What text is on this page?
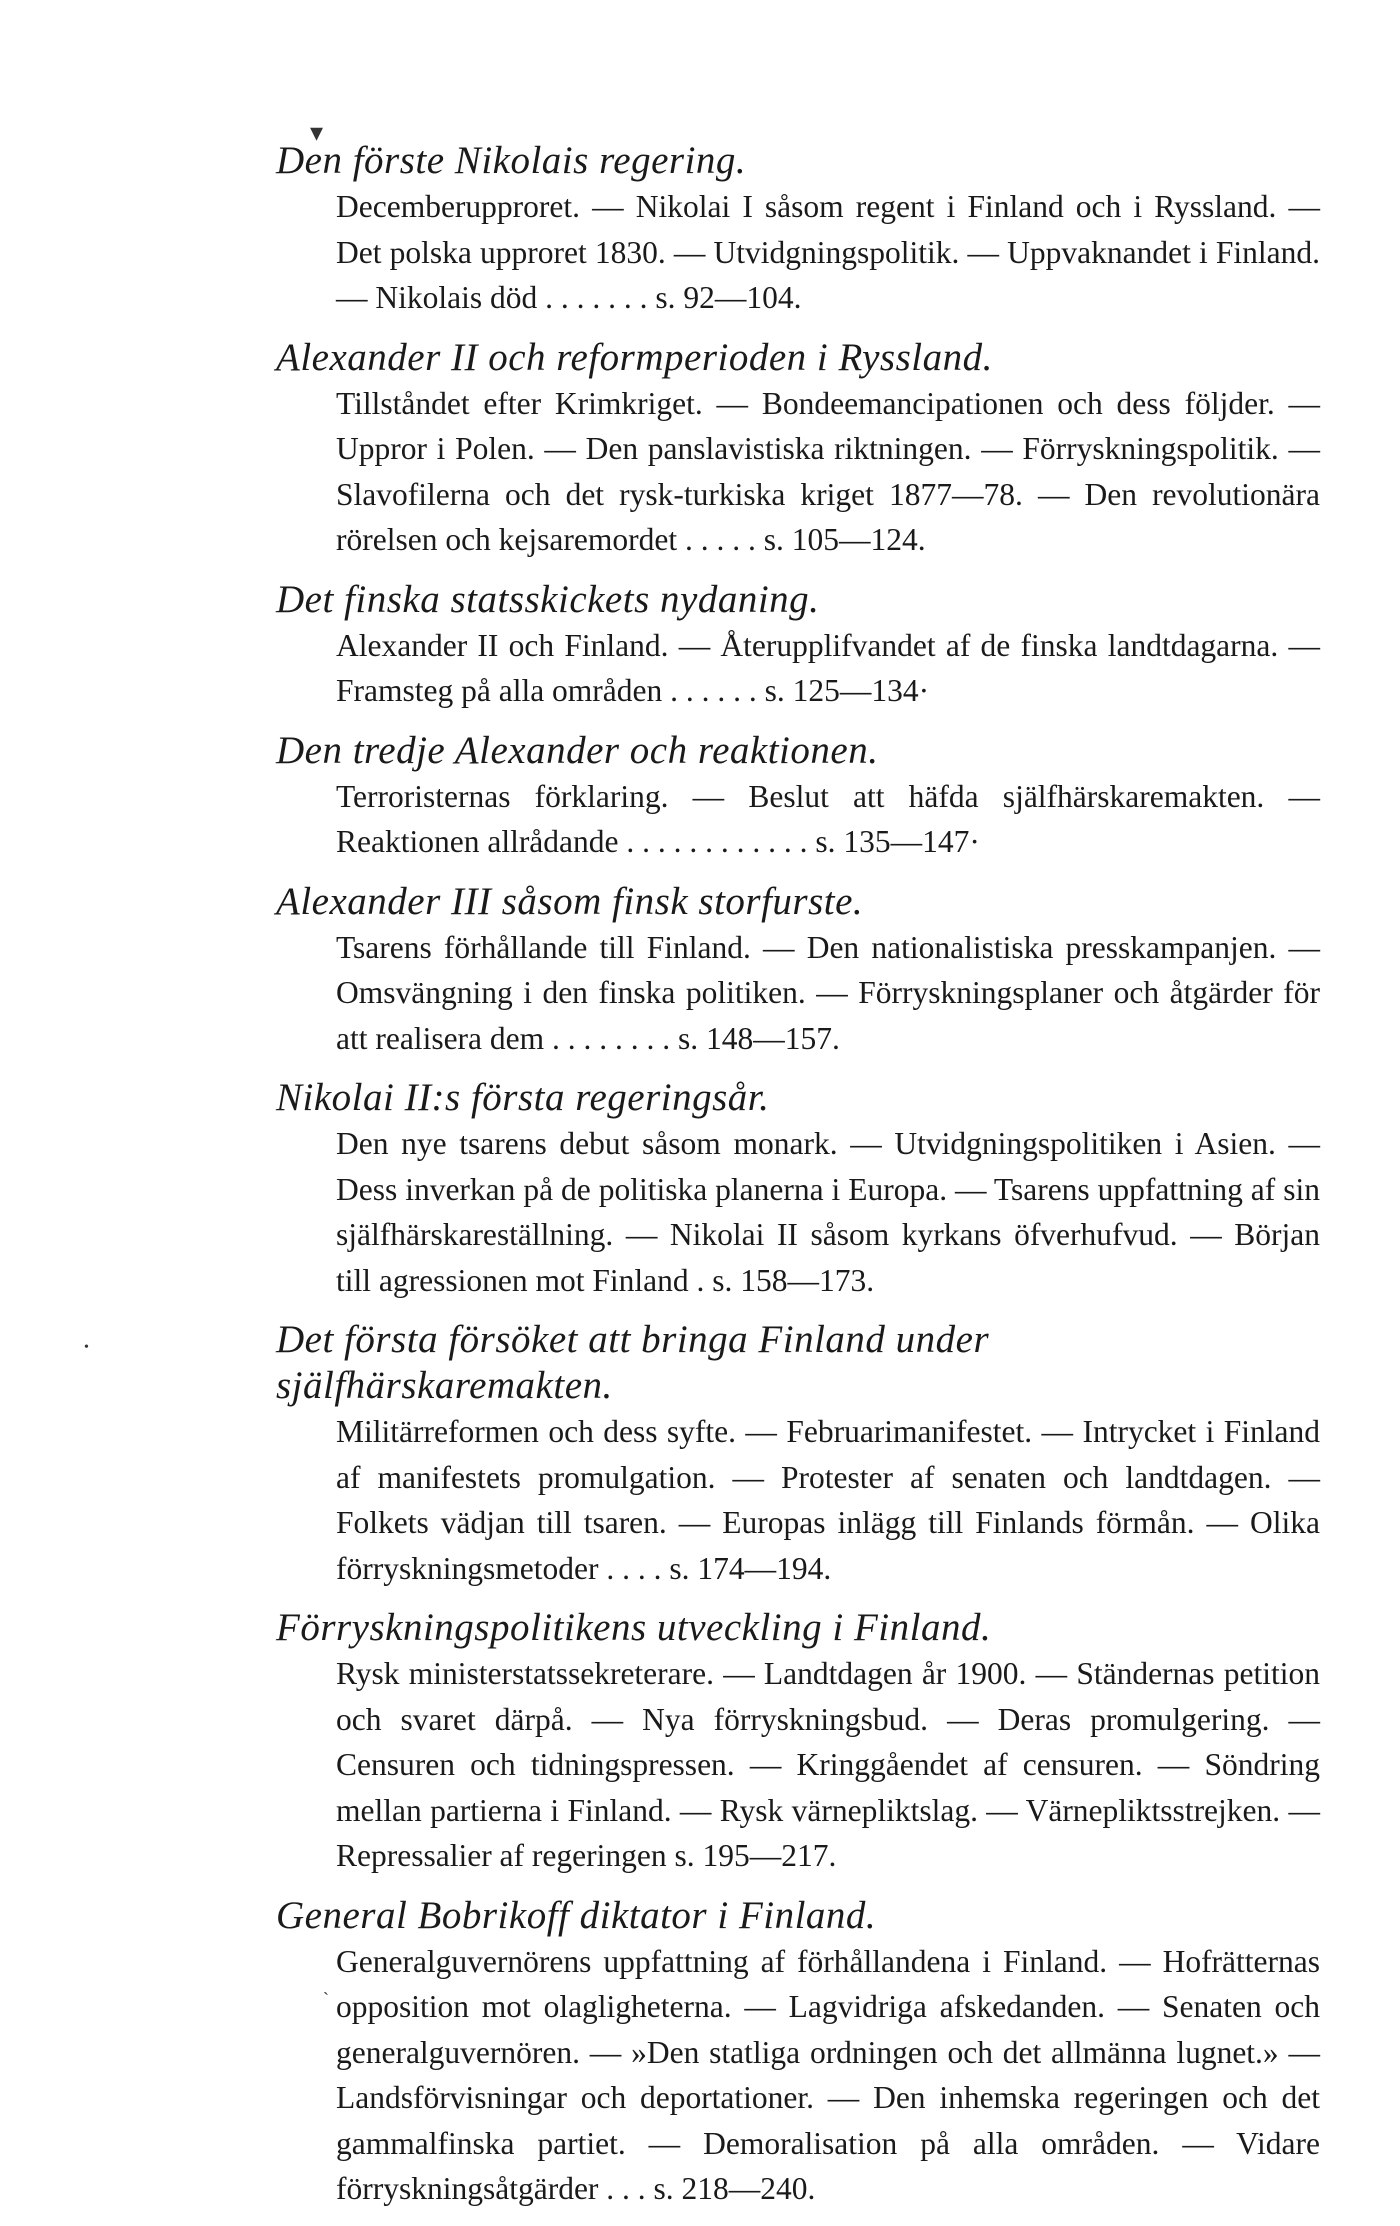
▾
•
ˏ

Den förste Nikolais regering.

Decemberupproret. — Nikolai I såsom regent i Finland och i Ryssland. — Det polska upproret 1830. — Utvidgningspolitik. — Uppvaknandet i Finland. — Nikolais död . . . . . . . s. 92—104.

Alexander II och reformperioden i Ryssland.

Tillståndet efter Krimkriget. — Bondeemancipationen och dess följder. — Uppror i Polen. — Den panslavistiska riktningen. — Förryskningspolitik. — Slavofilerna och det rysk-turkiska kriget 1877—78. — Den revolutionära rörelsen och kejsaremordet . . . . . s. 105—124.

Det finska statsskickets nydaning.

Alexander II och Finland. — Återupplifvandet af de finska landtdagarna. — Framsteg på alla områden . . . . . . s. 125—134·

Den tredje Alexander och reaktionen.

Terroristernas förklaring. — Beslut att häfda själfhärskaremakten. — Reaktionen allrådande . . . . . . . . . . . . s. 135—147·

Alexander III såsom finsk storfurste.

Tsarens förhållande till Finland. — Den nationalistiska presskampanjen. — Omsvängning i den finska politiken. — Förryskningsplaner och åtgärder för att realisera dem . . . . . . . . s. 148—157.

Nikolai II:s första regeringsår.

Den nye tsarens debut såsom monark. — Utvidgningspolitiken i Asien. — Dess inverkan på de politiska planerna i Europa. — Tsarens uppfattning af sin själfhärskareställning. — Nikolai II såsom kyrkans öfverhufvud. — Början till agressionen mot Finland . s. 158—173.

Det första försöket att bringa Finland under själfhärskaremakten.

Militärreformen och dess syfte. — Februarimanifestet. — Intrycket i Finland af manifestets promulgation. — Protester af senaten och landtdagen. — Folkets vädjan till tsaren. — Europas inlägg till Finlands förmån. — Olika förryskningsmetoder . . . . s. 174—194.

Förryskningspolitikens utveckling i Finland.

Rysk ministerstatssekreterare. — Landtdagen år 1900. — Ständernas petition och svaret därpå. — Nya förryskningsbud. — Deras promulgering. — Censuren och tidningspressen. — Kringgåendet af censuren. — Söndring mellan partierna i Finland. — Rysk värnepliktslag. — Värnepliktsstrejken. — Repressalier af regeringen s. 195—217.

General Bobrikoff diktator i Finland.

Generalguvernörens uppfattning af förhållandena i Finland. — Hofrätternas opposition mot olagligheterna. — Lagvidriga afskedanden. — Senaten och generalguvernören. — »Den statliga ordningen och det allmänna lugnet.» — Landsförvisningar och deportationer. — Den inhemska regeringen och det gammalfinska partiet. — Demoralisation på alla områden. — Vidare förryskningsåtgärder . . . s. 218—240.
